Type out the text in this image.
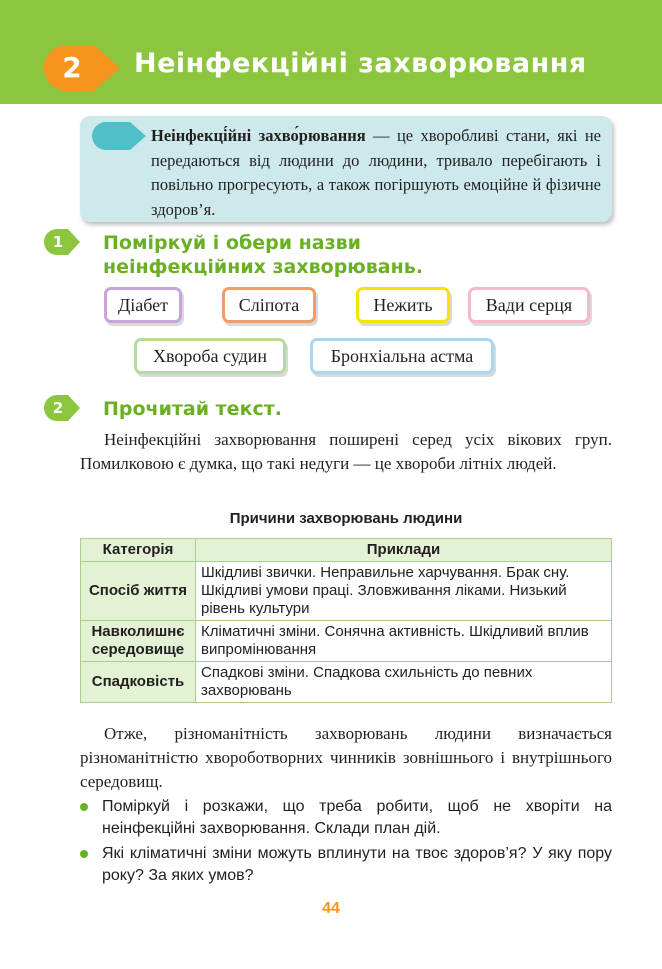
2	Неінфекційні захворювання
Неінфекці́йні захво́рювання — це хворобливі стани, які не передаються від людини до людини, тривало перебігають і повільно прогресують, а також погіршують емоційне й фізичне здоров’я.
1	Поміркуй і обери назви неінфекційних захворювань.
Діабет	Сліпота	Нежить	Вади серця
Хвороба судин	Бронхіальна астма
2	Прочитай текст.
Неінфекційні захворювання поширені серед усіх вікових груп. Помилковою є думка, що такі недуги — це хвороби літніх людей.
Причини захворювань людини
Категорія	Приклади
Спосіб життя	Шкідливі звички. Неправильне харчування. Брак сну. Шкідливі умови праці. Зловживання ліками. Низький рівень культури
Навколишнє середовище	Кліматичні зміни. Сонячна активність. Шкідливий вплив випромінювання
Спадковість	Спадкові зміни. Спадкова схильність до певних захворювань
Отже, різноманітність захворювань людини визначається різноманітністю хвороботворних чинників зовнішнього і внутрішнього середовищ.
Поміркуй і розкажи, що треба робити, щоб не хворіти на неінфекційні захворювання. Склади план дій.
Які кліматичні зміни можуть вплинути на твоє здоров’я? У яку пору року? За яких умов?
44
